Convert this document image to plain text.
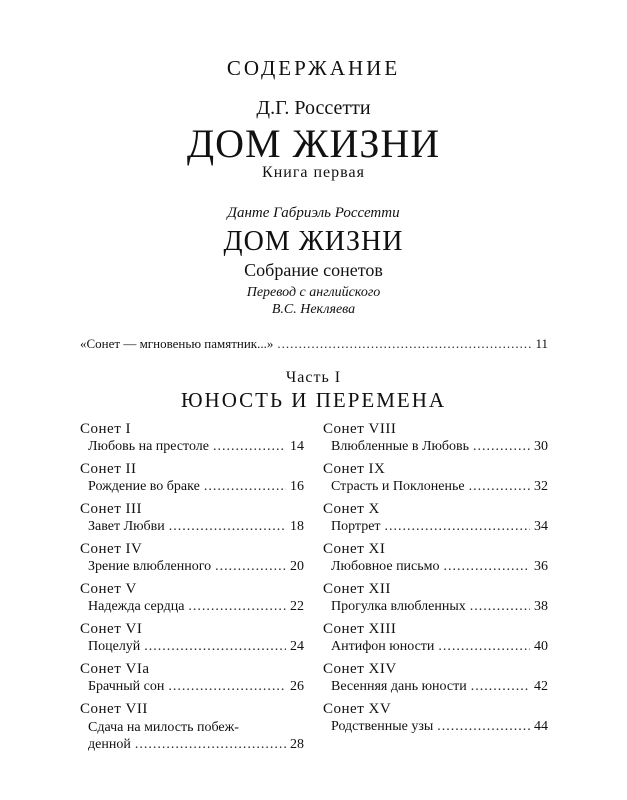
СОДЕРЖАНИЕ
Д.Г. Россетти
ДОМ ЖИЗНИ
Книга первая
Данте Габриэль Россетти
ДОМ ЖИЗНИ
Собрание сонетов
Перевод с английского
В.С. Некляева
«Сонет — мгновенью памятник...» .....	11
Часть I
ЮНОСТЬ И ПЕРЕМЕНА
Сонет I
Любовь на престоле .....	14
Сонет II
Рождение во браке .....	16
Сонет III
Завет Любви .....	18
Сонет IV
Зрение влюбленного .....	20
Сонет V
Надежда сердца .....	22
Сонет VI
Поцелуй .....	24
Сонет VIa
Брачный сон .....	26
Сонет VII
Сдача на милость побеж-
денной .....	28
Сонет VIII
Влюбленные в Любовь .....	30
Сонет IX
Страсть и Поклоненье .....	32
Сонет X
Портрет .....	34
Сонет XI
Любовное письмо .....	36
Сонет XII
Прогулка влюбленных .....	38
Сонет XIII
Антифон юности .....	40
Сонет XIV
Весенняя дань юности .....	42
Сонет XV
Родственные узы .....	44
